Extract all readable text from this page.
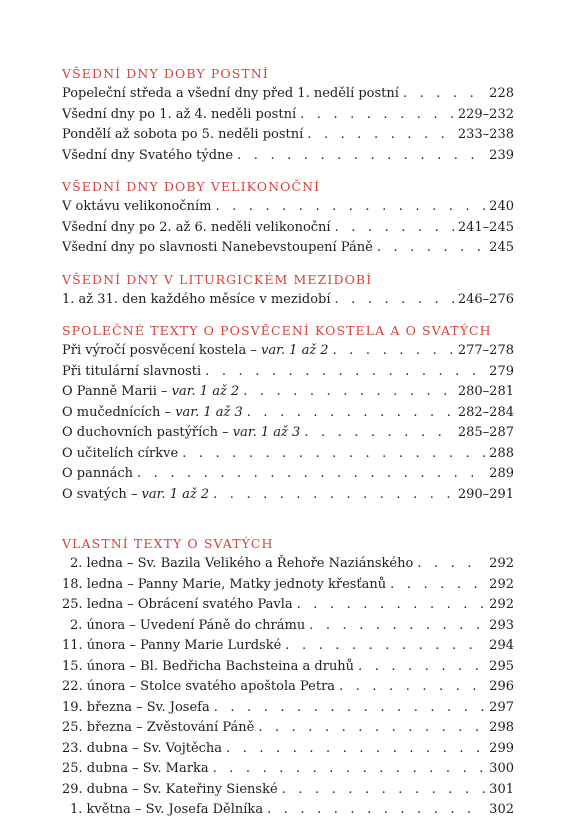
VŠEDNÍ DNY DOBY POSTNÍ
Popeleční středa a všední dny před 1. nedělí postní . . .	228
Všední dny po 1. až 4. neděli postní . . .	229–232
Pondělí až sobota po 5. neděli postní . . .	233–238
Všední dny Svatého týdne . . .	239
VŠEDNÍ DNY DOBY VELIKONOČNÍ
V oktávu velikonočním . . .	240
Všední dny po 2. až 6. neděli velikonoční . . .	241–245
Všední dny po slavnosti Nanebevstoupení Páně . . .	245
VŠEDNÍ DNY V LITURGICKÉM MEZIDOBÍ
1. až 31. den každého měsíce v mezidobí . . .	246–276
SPOLEČNÉ TEXTY O POSVĚCENÍ KOSTELA A O SVATÝCH
Při výročí posvěcení kostela – var. 1 až 2 . . .	277–278
Při titulární slavnosti . . .	279
O Panně Marii – var. 1 až 2 . . .	280–281
O mučednících – var. 1 až 3 . . .	282–284
O duchovních pastýřích – var. 1 až 3 . . .	285–287
O učitelích církve . . .	288
O pannách . . .	289
O svatých – var. 1 až 2 . . .	290–291
VLASTNÍ TEXTY O SVATÝCH
2. ledna – Sv. Bazila Velikého a Řehoře Naziánského . . .	292
18. ledna – Panny Marie, Matky jednoty křesťanů . . .	292
25. ledna – Obrácení svatého Pavla . . .	292
2. února – Uvedení Páně do chrámu . . .	293
11. února – Panny Marie Lurdské . . .	294
15. února – Bl. Bedřicha Bachsteina a druhů . . .	295
22. února – Stolce svatého apoštola Petra . . .	296
19. března – Sv. Josefa . . .	297
25. března – Zvěstování Páně . . .	298
23. dubna – Sv. Vojtěcha . . .	299
25. dubna – Sv. Marka . . .	300
29. dubna – Sv. Kateřiny Sienské . . .	301
1. května – Sv. Josefa Dělníka . . .	302
